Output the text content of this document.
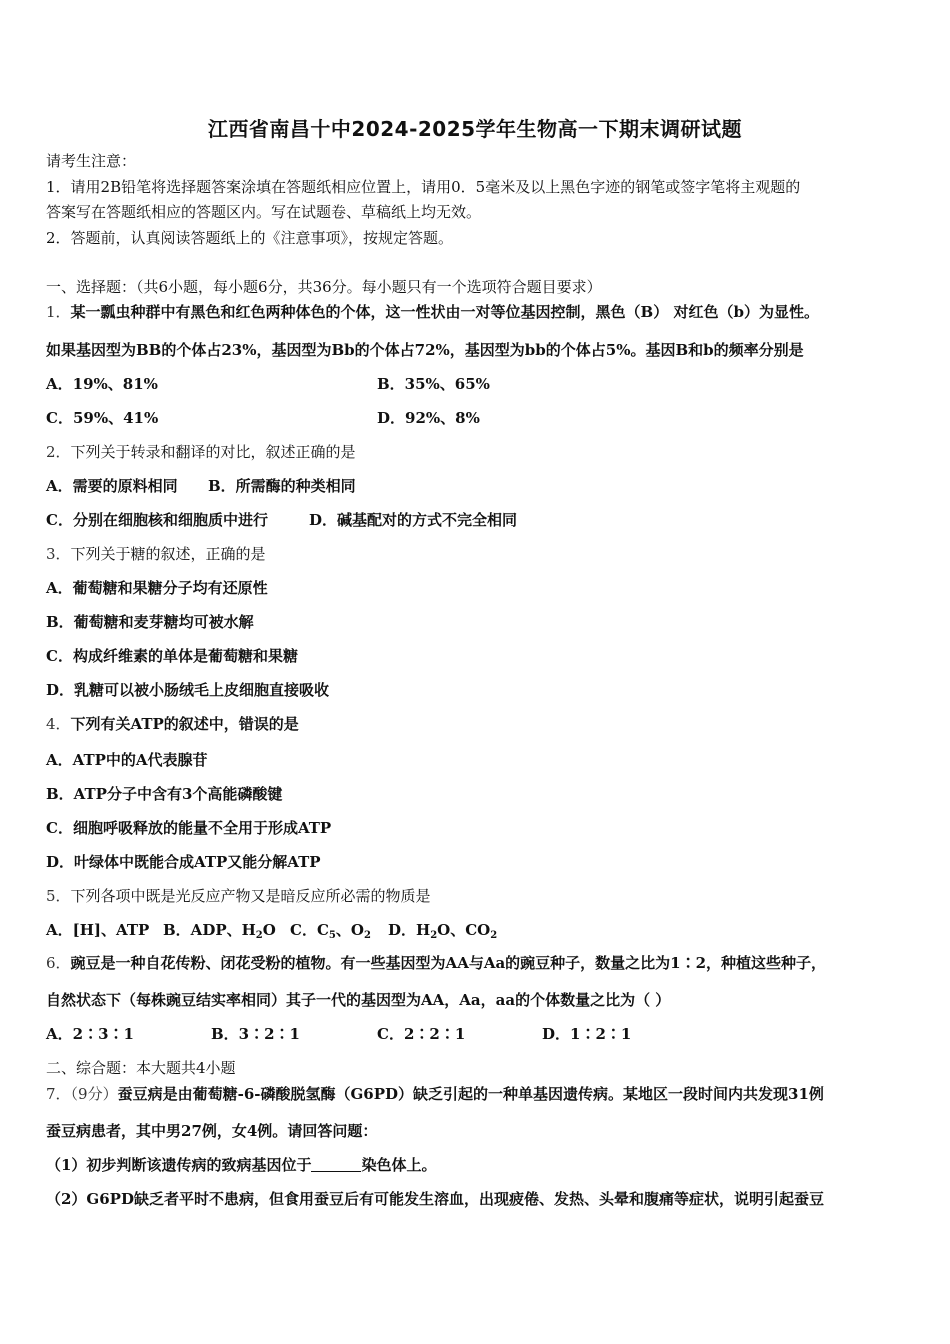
江西省南昌十中2024-2025学年生物高一下期末调研试题
请考生注意：
1．请用2B铅笔将选择题答案涂填在答题纸相应位置上，请用0．5毫米及以上黑色字迹的钢笔或签字笔将主观题的
答案写在答题纸相应的答题区内。写在试题卷、草稿纸上均无效。
2．答题前，认真阅读答题纸上的《注意事项》，按规定答题。
一、选择题：（共6小题，每小题6分，共36分。每小题只有一个选项符合题目要求）
1．某一瓢虫种群中有黑色和红色两种体色的个体，这一性状由一对等位基因控制，黑色（B） 对红色（b）为显性。
如果基因型为BB的个体占23%，基因型为Bb的个体占72%，基因型为bb的个体占5%。基因B和b的频率分别是
A．19%、81%	B．35%、65%
C．59%、41%	D．92%、8%
2．下列关于转录和翻译的对比，叙述正确的是
A．需要的原料相同 B．所需酶的种类相同
C．分别在细胞核和细胞质中进行	D．碱基配对的方式不完全相同
3．下列关于糖的叙述，正确的是
A．葡萄糖和果糖分子均有还原性
B．葡萄糖和麦芽糖均可被水解
C．构成纤维素的单体是葡萄糖和果糖
D．乳糖可以被小肠绒毛上皮细胞直接吸收
4．下列有关ATP的叙述中，错误的是
A．ATP中的A代表腺苷
B．ATP分子中含有3个高能磷酸键
C．细胞呼吸释放的能量不全用于形成ATP
D．叶绿体中既能合成ATP又能分解ATP
5．下列各项中既是光反应产物又是暗反应所必需的物质是
A．[H]、ATP B．ADP、$H_2O$ C．$C_5$、$O_2$ D．$H_2O$、$CO_2$
6．豌豆是一种自花传粉、闭花受粉的植物。有一些基因型为AA与Aa的豌豆种子，数量之比为1∶2，种植这些种子，
自然状态下（每株豌豆结实率相同）其子一代的基因型为AA，Aa，aa的个体数量之比为（ ）
A．2∶3∶1	B．3∶2∶1	C．2∶2∶1	D．1∶2∶1
二、综合题：本大题共4小题
7．（9分）蚕豆病是由葡萄糖-6-磷酸脱氢酶（G6PD）缺乏引起的一种单基因遗传病。某地区一段时间内共发现31例
蚕豆病患者，其中男27例，女4例。请回答问题：
（1）初步判断该遗传病的致病基因位于	染色体上。
（2）G6PD缺乏者平时不患病，但食用蚕豆后有可能发生溶血，出现疲倦、发热、头晕和腹痛等症状，说明引起蚕豆
